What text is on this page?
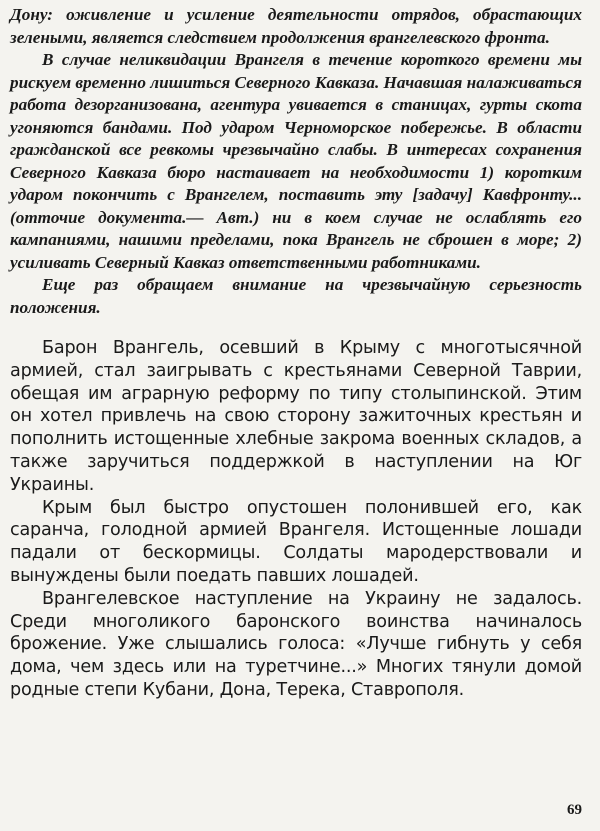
Дону: оживление и усиление деятельности отрядов, обрастающих зелеными, является следствием продолжения врангелевского фронта.

В случае неликвидации Врангеля в течение короткого времени мы рискуем временно лишиться Северного Кавказа. Начавшая налаживаться работа дезорганизована, агентура увивается в станицах, гурты скота угоняются бандами. Под ударом Черноморское побережье. В области гражданской все ревкомы чрезвычайно слабы. В интересах сохранения Северного Кавказа бюро настаивает на необходимости 1) коротким ударом покончить с Врангелем, поставить эту [задачу] Кавфронту... (отточие документа.— Авт.) ни в коем случае не ослаблять его кампаниями, нашими пределами, пока Врангель не сброшен в море; 2) усиливать Северный Кавказ ответственными работниками.

Еще раз обращаем внимание на чрезвычайную серьезность положения.

Барон Врангель, осевший в Крыму с многотысячной армией, стал заигрывать с крестьянами Северной Таврии, обещая им аграрную реформу по типу столыпинской. Этим он хотел привлечь на свою сторону зажиточных крестьян и пополнить истощенные хлебные закрома военных складов, а также заручиться поддержкой в наступлении на Юг Украины.

Крым был быстро опустошен полонившей его, как саранча, голодной армией Врангеля. Истощенные лошади падали от бескормицы. Солдаты мародерствовали и вынуждены были поедать павших лошадей.

Врангелевское наступление на Украину не задалось. Среди многоликого баронского воинства начиналось брожение. Уже слышались голоса: «Лучше гибнуть у себя дома, чем здесь или на туретчине...» Многих тянули домой родные степи Кубани, Дона, Терека, Ставрополя.

69
